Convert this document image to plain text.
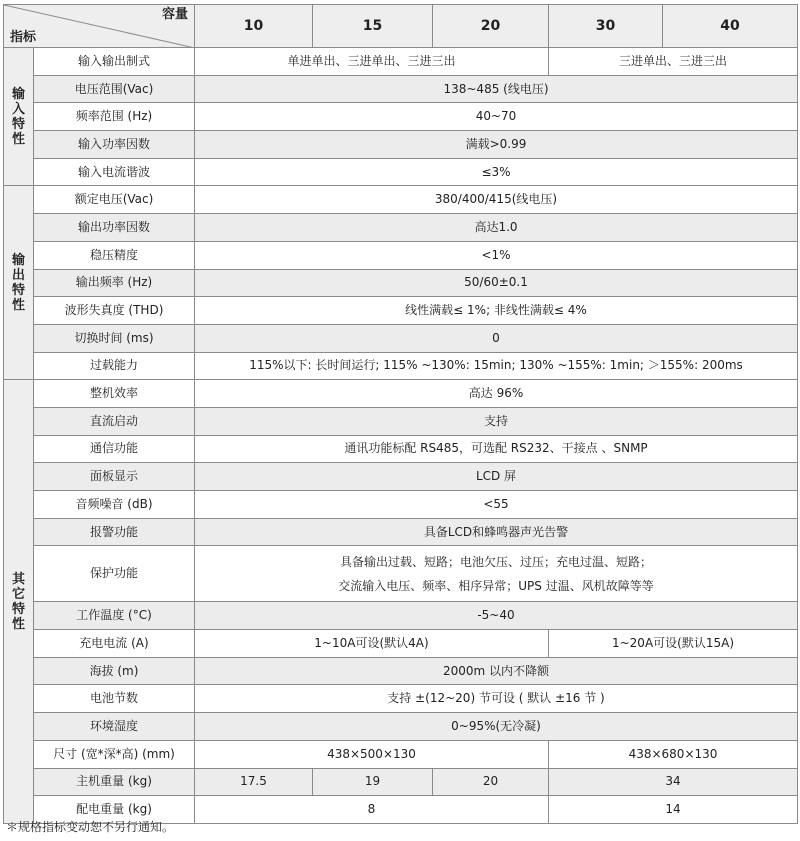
容量
指标		10	15	20	30	40

输
入
特
性	输入输出制式	单进单出、三进单出、三进三出			三进单出、三进三出	
	电压范围(Vac)	138~485 (线电压)				
	频率范围 (Hz)	40~70				
	输入功率因数	满载>0.99				
	输入电流谐波	≤3%				

输
出
特
性	额定电压(Vac)	380/400/415(线电压)				
	输出功率因数	高达1.0				
	稳压精度	<1%				
	输出频率 (Hz)	50/60±0.1				
	波形失真度 (THD)	线性满载≤ 1%; 非线性满载≤ 4%				
	切换时间 (ms)	0				
	过载能力	115%以下: 长时间运行; 115% ~130%: 15min; 130% ~155%: 1min; ＞155%: 200ms				

其
它
特
性	整机效率	高达 96%				
	直流启动	支持				
	通信功能	通讯功能标配 RS485，可选配 RS232、干接点 、SNMP				
	面板显示	LCD 屏				
	音频噪音 (dB)	<55				
	报警功能	具备LCD和蜂鸣器声光告警				
	保护功能	具备输出过载、短路；电池欠压、过压；充电过温、短路；
交流输入电压、频率、相序异常；UPS 过温、风机故障等等				

	工作温度 (°C)	-5~40				
	充电电流 (A)	1~10A可设(默认4A)			1~20A可设(默认15A)	
	海拔 (m)	2000m 以内不降额				
	电池节数	支持 ±(12~20) 节可设 ( 默认 ±16 节 )				
	环境湿度	0~95%(无冷凝)				
	尺寸 (宽*深*高) (mm)	438×500×130			438×680×130	
	主机重量 (kg)	17.5	19	20	34	
	配电重量 (kg)	8			14	
＊规格指标变动恕不另行通知。
